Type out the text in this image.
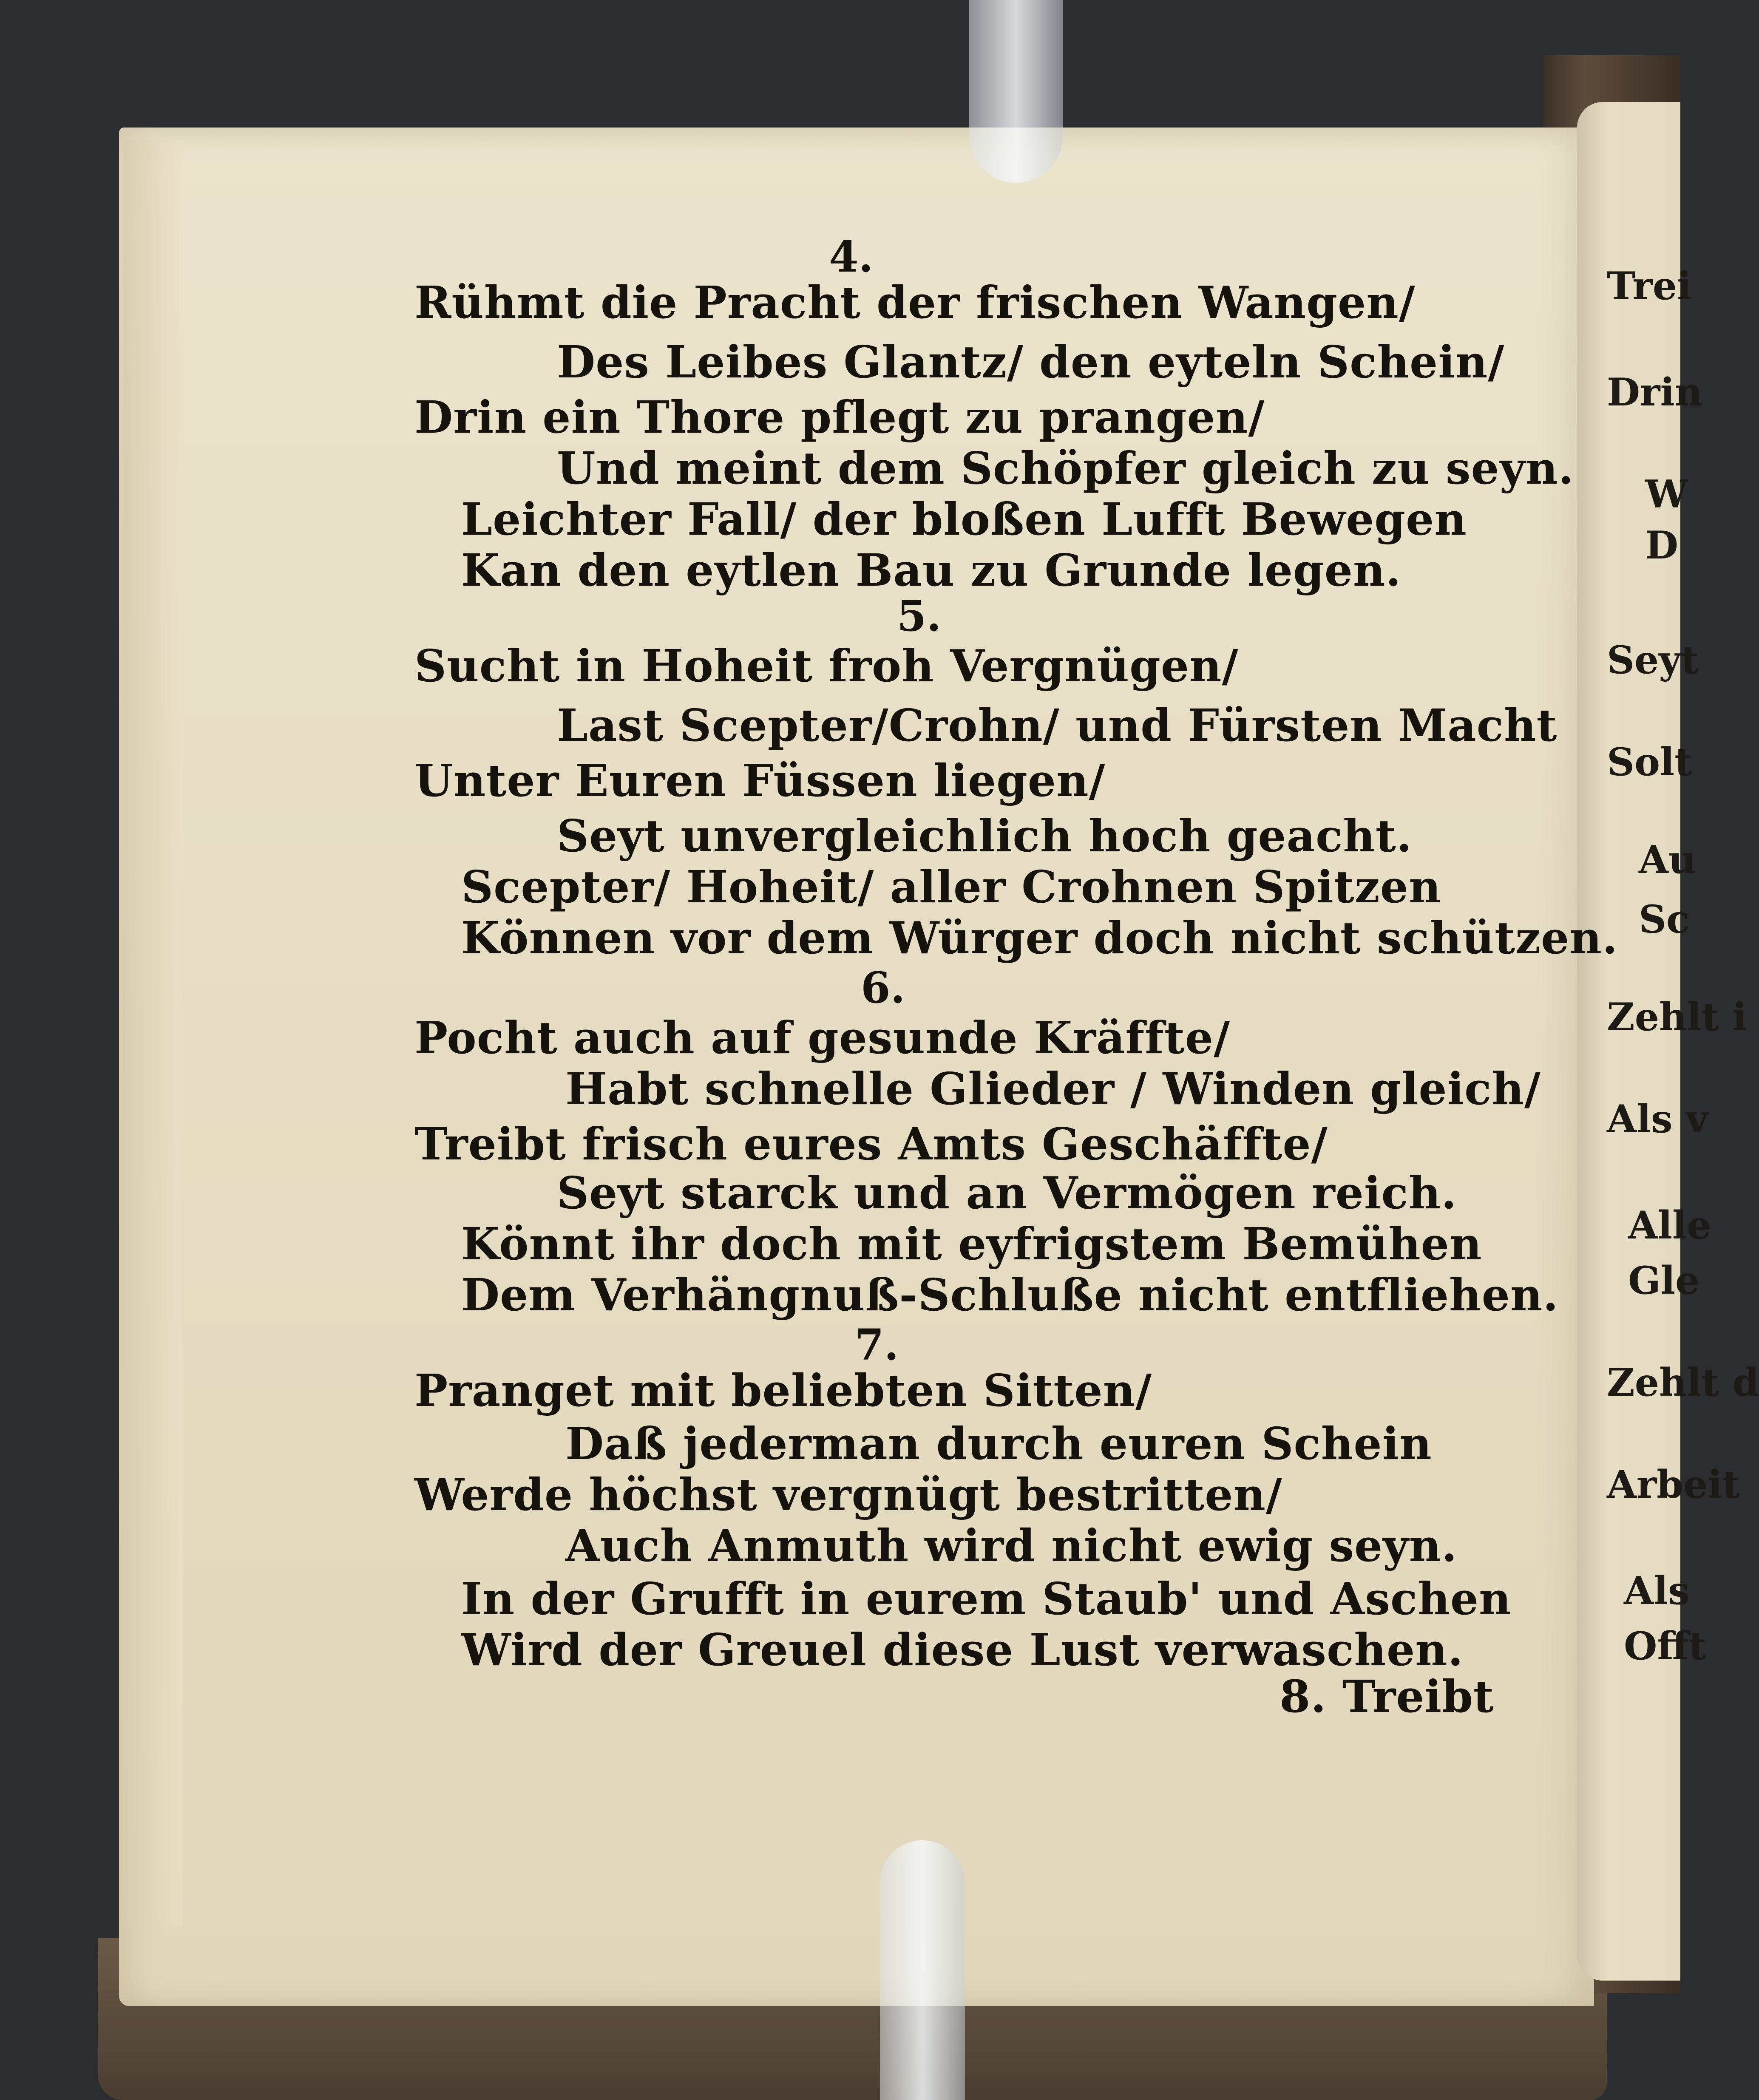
4.
Rühmt die Pracht der frischen Wangen/
Des Leibes Glantz/ den eyteln Schein/
Drin ein Thore pflegt zu prangen/
Und meint dem Schöpfer gleich zu seyn.
Leichter Fall/ der bloßen Lufft Bewegen
Kan den eytlen Bau zu Grunde legen.
5.
Sucht in Hoheit froh Vergnügen/
Last Scepter/Crohn/ und Fürsten Macht
Unter Euren Füssen liegen/
Seyt unvergleichlich hoch geacht.
Scepter/ Hoheit/ aller Crohnen Spitzen
Können vor dem Würger doch nicht schützen.
6.
Pocht auch auf gesunde Kräffte/
Habt schnelle Glieder / Winden gleich/
Treibt frisch eures Amts Geschäffte/
Seyt starck und an Vermögen reich.
Könnt ihr doch mit eyfrigstem Bemühen
Dem Verhängnuß-Schluße nicht entfliehen.
7.
Pranget mit beliebten Sitten/
Daß jederman durch euren Schein
Werde höchst vergnügt bestritten/
Auch Anmuth wird nicht ewig seyn.
In der Grufft in eurem Staub' und Aschen
Wird der Greuel diese Lust verwaschen.
8. Treibt
Trei
Drin
W
D
Seyt
Solt
Au
Sc
Zehlt i
Als v
Alle
Gle
Zehlt d
Arbeit
Als
Offt
